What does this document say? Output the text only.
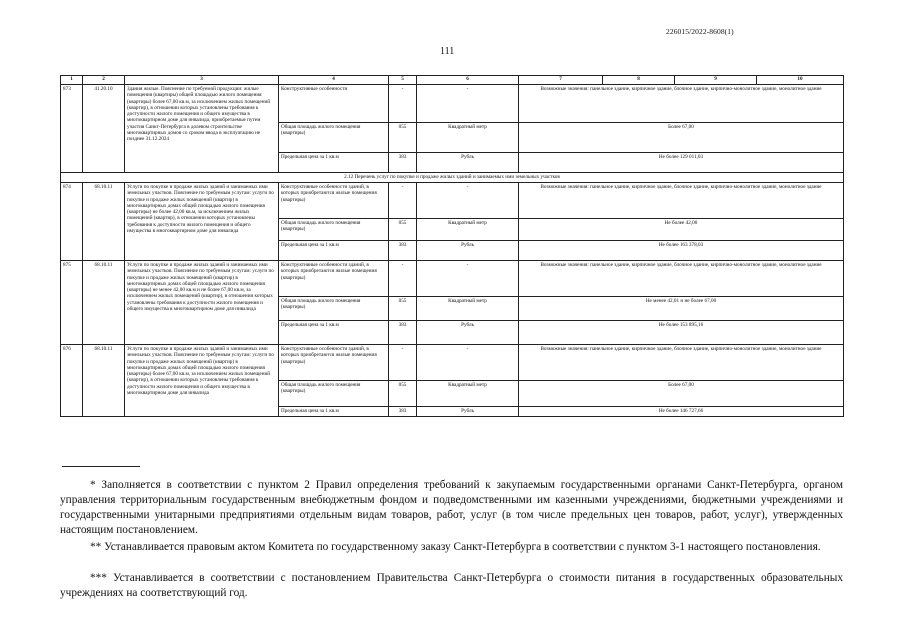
226015/2022-8608(1)
111
1	2	3	4	5	6	7	8	9	10
873	41.20.10	Здания жилые. Пояснение по требуемой продукции: жилые помещения (квартиры) общей площадью жилого помещения (квартиры) более 67,00 кв.м, за исключением жилых помещений (квартир), в отношении которых установлены требования к доступности жилого помещения и общего имущества в многоквартирном доме для инвалида, приобретаемые путем участия Санкт-Петербурга в долевом строительстве многоквартирных домов со сроком ввода в эксплуатацию не позднее 31.12.2024	Конструктивные особенности	-	-	Возможные значения: панельное здание, кирпичное здание, блочное здание, кирпично-монолитное здание, монолитное здание			
			Общая площадь жилого помещения (квартиры)	055	Квадратный метр	Более 67,00			
			Предельная цена за 1 кв.м	383	Рубль	Не более 129 011,03			
2.12 Перечень услуг по покупке и продаже жилых зданий и занимаемых ими земельных участков									
874	68.10.11	Услуги по покупке и продаже жилых зданий и занимаемых ими земельных участков. Пояснение по требуемым услугам: услуги по покупке и продаже жилых помещений (квартир) в многоквартирных домах общей площадью жилого помещения (квартиры) не более 42,00 кв.м, за исключением жилых помещений (квартир), в отношении которых установлены требования к доступности жилого помещения и общего имущества в многоквартирном доме для инвалида	Конструктивные особенности зданий, в которых приобретаются жилые помещения (квартиры)	-	-	Возможные значения: панельное здание, кирпичное здание, блочное здание, кирпично-монолитное здание, монолитное здание			
			Общая площадь жилого помещения (квартиры)	055	Квадратный метр	Не более 42,00			
			Предельная цена за 1 кв.м	383	Рубль	Не более 163 378,03			
875	68.10.11	Услуги по покупке и продаже жилых зданий и занимаемых ими земельных участков. Пояснение по требуемым услугам: услуги по покупке и продаже жилых помещений (квартир) в многоквартирных домах общей площадью жилого помещения (квартиры) не менее 42,00 кв.м и не более 67,00 кв.м, за исключением жилых помещений (квартир), в отношении которых установлены требования к доступности жилого помещения и общего имущества в многоквартирном доме для инвалида	Конструктивные особенности зданий, в которых приобретаются жилые помещения (квартиры)	-	-	Возможные значения: панельное здание, кирпичное здание, блочное здание, кирпично-монолитное здание, монолитное здание			
			Общая площадь жилого помещения (квартиры)	055	Квадратный метр	Не менее 42,01 и не более 67,00			
			Предельная цена за 1 кв.м	383	Рубль	Не более 153 895,16			
876	68.10.11	Услуги по покупке и продаже жилых зданий и занимаемых ими земельных участков. Пояснение по требуемым услугам: услуги по покупке и продаже жилых помещений (квартир) в многоквартирных домах общей площадью жилого помещения (квартиры) более 67,00 кв.м, за исключением жилых помещений (квартир), в отношении которых установлены требования к доступности жилого помещения и общего имущества в многоквартирном доме для инвалида	Конструктивные особенности зданий, в которых приобретаются жилые помещения (квартиры)	-	-	Возможные значения: панельное здание, кирпичное здание, блочное здание, кирпично-монолитное здание, монолитное здание			
			Общая площадь жилого помещения (квартиры)	055	Квадратный метр	Более 67,00			
			Предельная цена за 1 кв.м	383	Рубль	Не более 146 727,66			
* Заполняется в соответствии с пунктом 2 Правил определения требований к закупаемым государственными органами Санкт-Петербурга, органом управления территориальным государственным внебюджетным фондом и подведомственными им казенными учреждениями, бюджетными учреждениями и государственными унитарными предприятиями отдельным видам товаров, работ, услуг (в том числе предельных цен товаров, работ, услуг), утвержденных настоящим постановлением.
** Устанавливается правовым актом Комитета по государственному заказу Санкт-Петербурга в соответствии с пунктом 3-1 настоящего постановления.
*** Устанавливается в соответствии с постановлением Правительства Санкт-Петербурга о стоимости питания в государственных образовательных учреждениях на соответствующий год.
